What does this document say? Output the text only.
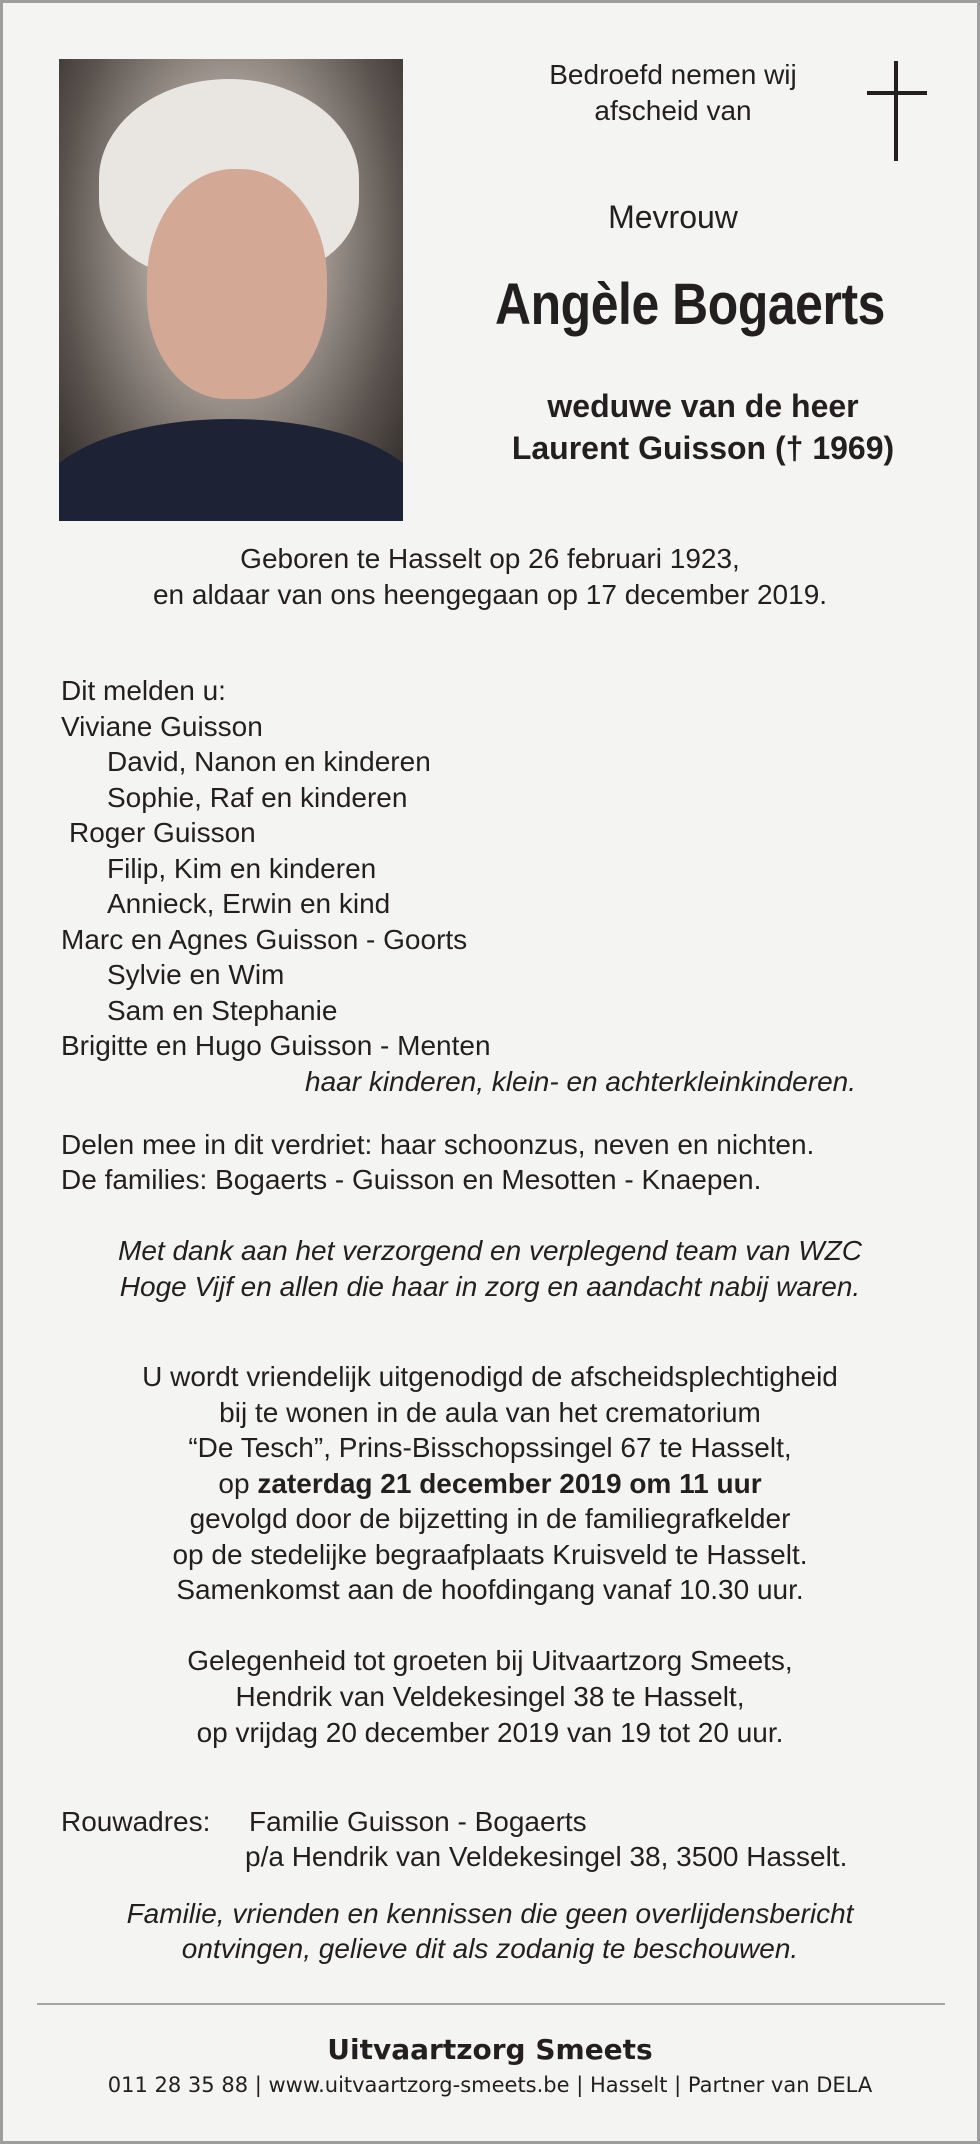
Bedroefd nemen wij
afscheid van
Mevrouw
Angèle Bogaerts
weduwe van de heer
Laurent Guisson († 1969)
Geboren te Hasselt op 26 februari 1923,
en aldaar van ons heengegaan op 17 december 2019.
Dit melden u:
Viviane Guisson
David, Nanon en kinderen
Sophie, Raf en kinderen
Roger Guisson
Filip, Kim en kinderen
Annieck, Erwin en kind
Marc en Agnes Guisson - Goorts
Sylvie en Wim
Sam en Stephanie
Brigitte en Hugo Guisson - Menten
haar kinderen, klein- en achterkleinkinderen.
Delen mee in dit verdriet: haar schoonzus, neven en nichten.
De families: Bogaerts - Guisson en Mesotten - Knaepen.
Met dank aan het verzorgend en verplegend team van WZC
Hoge Vijf en allen die haar in zorg en aandacht nabij waren.
U wordt vriendelijk uitgenodigd de afscheidsplechtigheid
bij te wonen in de aula van het crematorium
“De Tesch”, Prins-Bisschopssingel 67 te Hasselt,
op zaterdag 21 december 2019 om 11 uur
gevolgd door de bijzetting in de familiegrafkelder
op de stedelijke begraafplaats Kruisveld te Hasselt.
Samenkomst aan de hoofdingang vanaf 10.30 uur.
Gelegenheid tot groeten bij Uitvaartzorg Smeets,
Hendrik van Veldekesingel 38 te Hasselt,
op vrijdag 20 december 2019 van 19 tot 20 uur.
Rouwadres: Familie Guisson - Bogaerts
p/a Hendrik van Veldekesingel 38, 3500 Hasselt.
Familie, vrienden en kennissen die geen overlijdensbericht
ontvingen, gelieve dit als zodanig te beschouwen.
Uitvaartzorg Smeets
011 28 35 88 | www.uitvaartzorg-smeets.be | Hasselt | Partner van DELA
